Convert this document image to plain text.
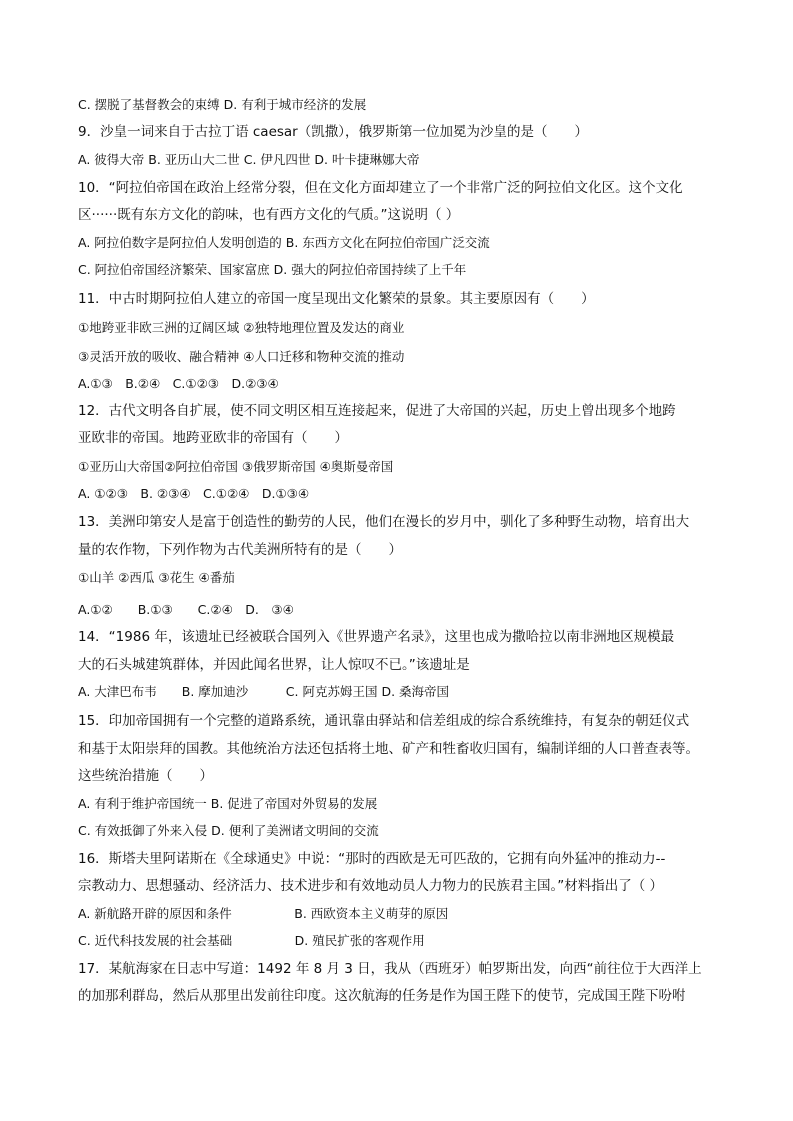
C. 摆脱了基督教会的束缚 D. 有利于城市经济的发展
9．沙皇一词来自于古拉丁语 caesar（凯撒），俄罗斯第一位加冕为沙皇的是（　　）
A. 彼得大帝 B. 亚历山大二世 C. 伊凡四世 D. 叶卡捷琳娜大帝
10．“阿拉伯帝国在政治上经常分裂，但在文化方面却建立了一个非常广泛的阿拉伯文化区。这个文化
区······既有东方文化的韵味，也有西方文化的气质。”这说明（ ）
A. 阿拉伯数字是阿拉伯人发明创造的 B. 东西方文化在阿拉伯帝国广泛交流
C. 阿拉伯帝国经济繁荣、国家富庶 D. 强大的阿拉伯帝国持续了上千年
11．中古时期阿拉伯人建立的帝国一度呈现出文化繁荣的景象。其主要原因有（　　）
①地跨亚非欧三洲的辽阔区域 ②独特地理位置及发达的商业
③灵活开放的吸收、融合精神 ④人口迁移和物种交流的推动
A.①③　B.②④　C.①②③　D.②③④
12．古代文明各自扩展，使不同文明区相互连接起来，促进了大帝国的兴起，历史上曾出现多个地跨
亚欧非的帝国。地跨亚欧非的帝国有（　　）
①亚历山大帝国②阿拉伯帝国 ③俄罗斯帝国 ④奥斯曼帝国
A. ①②③　B. ②③④　C.①②④　D.①③④
13．美洲印第安人是富于创造性的勤劳的人民，他们在漫长的岁月中，驯化了多种野生动物，培育出大
量的农作物，下列作物为古代美洲所特有的是（　　）
①山羊 ②西瓜 ③花生 ④番茄
A.①②　　B.①③　　C.②④　D.　③④
14．“1986 年，该遗址已经被联合国列入《世界遗产名录》，这里也成为撒哈拉以南非洲地区规模最
大的石头城建筑群体，并因此闻名世界，让人惊叹不已。”该遗址是
A. 大津巴布韦　　B. 摩加迪沙　　　C. 阿克苏姆王国 D. 桑海帝国
15．印加帝国拥有一个完整的道路系统，通讯靠由驿站和信差组成的综合系统维持，有复杂的朝廷仪式
和基于太阳崇拜的国教。其他统治方法还包括将土地、矿产和牲畜收归国有，编制详细的人口普查表等。
这些统治措施（　　）
A. 有利于维护帝国统一 B. 促进了帝国对外贸易的发展
C. 有效抵御了外来入侵 D. 便利了美洲诸文明间的交流
16．斯塔夫里阿诺斯在《全球通史》中说：“那时的西欧是无可匹敌的，它拥有向外猛冲的推动力--
宗教动力、思想骚动、经济活力、技术进步和有效地动员人力物力的民族君主国。”材料指出了（ ）
A. 新航路开辟的原因和条件　　　　　B. 西欧资本主义萌芽的原因
C. 近代科技发展的社会基础　　　　　D. 殖民扩张的客观作用
17．某航海家在日志中写道：1492 年 8 月 3 日，我从（西班牙）帕罗斯出发，向西“前往位于大西洋上
的加那利群岛，然后从那里出发前往印度。这次航海的任务是作为国王陛下的使节，完成国王陛下吩咐
